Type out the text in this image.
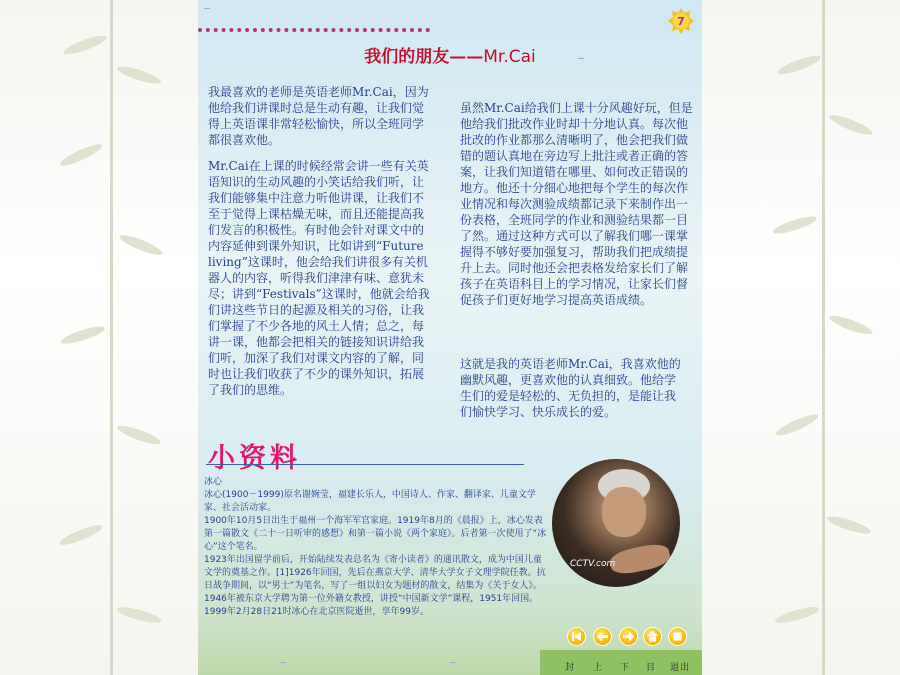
7
我们的朋友——Mr.Cai

我最喜欢的老师是英语老师Mr.Cai，因为他给我们讲课时总是生动有趣，让我们觉得上英语课非常轻松愉快，所以全班同学都很喜欢他。

Mr.Cai在上课的时候经常会讲一些有关英语知识的生动风趣的小笑话给我们听，让我们能够集中注意力听他讲课，让我们不至于觉得上课枯燥无味，而且还能提高我们发言的积极性。有时他会针对课文中的内容延伸到课外知识，比如讲到“Future living”这课时，他会给我们讲很多有关机器人的内容，听得我们津津有味、意犹未尽；讲到“Festivals”这课时，他就会给我们讲这些节日的起源及相关的习俗，让我们掌握了不少各地的风土人情；总之，每讲一课，他都会把相关的链接知识讲给我们听，加深了我们对课文内容的了解，同时也让我们收获了不少的课外知识，拓展了我们的思维。

虽然Mr.Cai给我们上课十分风趣好玩，但是他给我们批改作业时却十分地认真。每次他批改的作业都那么清晰明了，他会把我们做错的题认真地在旁边写上批注或者正确的答案，让我们知道错在哪里、如何改正错误的地方。他还十分细心地把每个学生的每次作业情况和每次测验成绩都记录下来制作出一份表格，全班同学的作业和测验结果都一目了然。通过这种方式可以了解我们哪一课掌握得不够好要加强复习，帮助我们把成绩提升上去。同时他还会把表格发给家长们了解孩子在英语科目上的学习情况，让家长们督促孩子们更好地学习提高英语成绩。

这就是我的英语老师Mr.Cai，我喜欢他的幽默风趣，更喜欢他的认真细致。他给学生们的爱是轻松的、无负担的，是能让我们愉快学习、快乐成长的爱。

小资料

冰心

冰心(1900－1999)原名谢婉莹，福建长乐人，中国诗人、作家、翻译家、儿童文学家、社会活动家。

1900年10月5日出生于福州一个海军军官家庭。1919年8月的《晨报》上，冰心发表第一篇散文《二十一日听审的感想》和第一篇小说《两个家庭》。后者第一次使用了“冰心”这个笔名。

1923年出国留学前后，开始陆续发表总名为《寄小读者》的通讯散文，成为中国儿童文学的奠基之作。[1]1926年回国，先后在燕京大学、清华大学女子文理学院任教。抗日战争期间，以“男士”为笔名，写了一组以妇女为题材的散文，结集为《关于女人》。

1946年被东京大学聘为第一位外籍女教授，讲授“中国新文学”课程，1951年回国。

1999年2月28日21时冰心在北京医院逝世，享年99岁。

CCTV.com
封 上 下 目 退出
